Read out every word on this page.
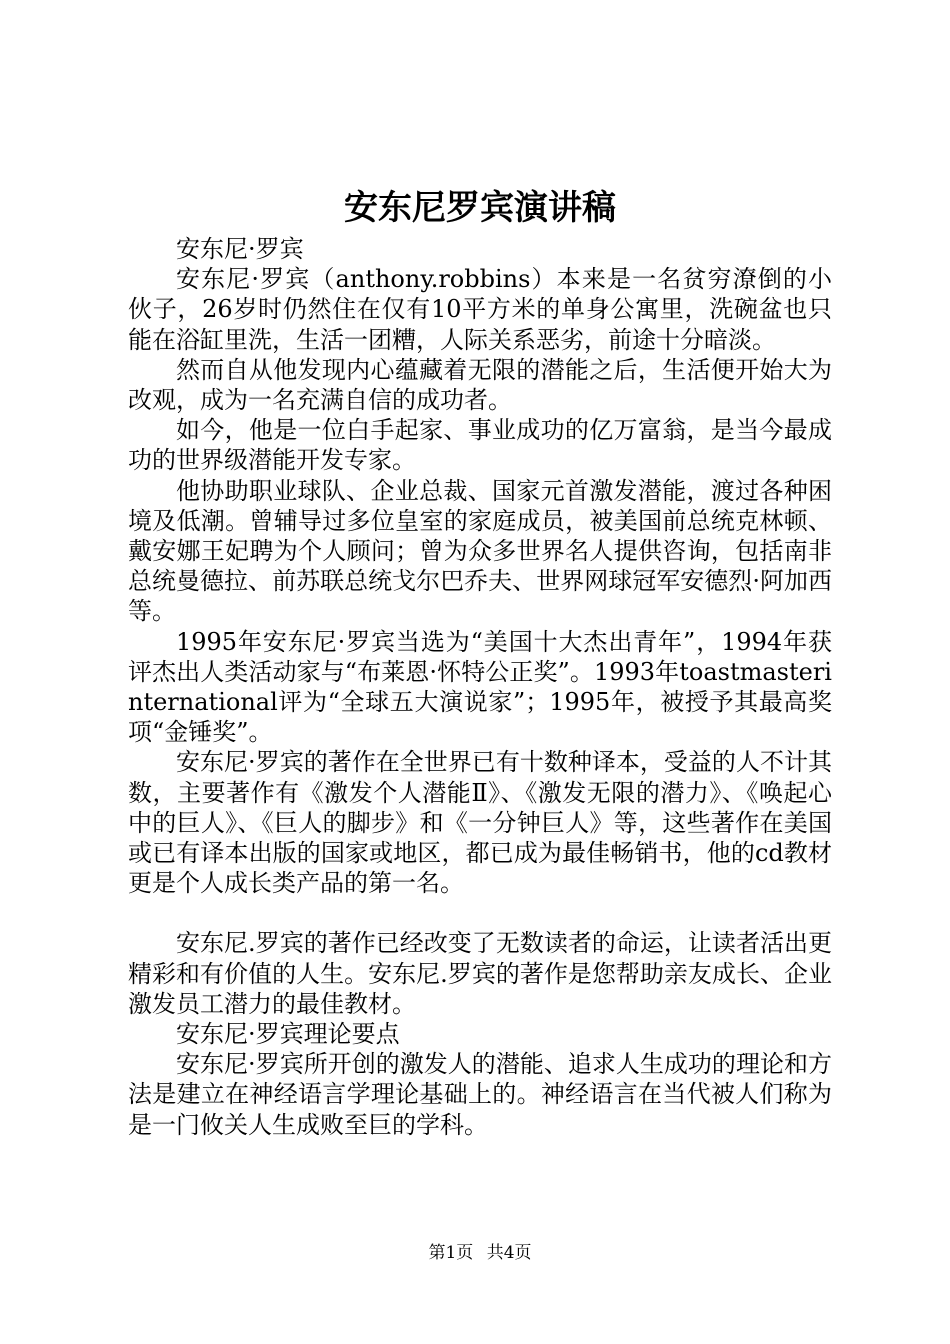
安东尼罗宾演讲稿

安东尼·罗宾

安东尼·罗宾（anthony.robbins）本来是一名贫穷潦倒的小伙子，26岁时仍然住在仅有10平方米的单身公寓里，洗碗盆也只能在浴缸里洗，生活一团糟，人际关系恶劣，前途十分暗淡。

然而自从他发现内心蕴藏着无限的潜能之后，生活便开始大为改观，成为一名充满自信的成功者。

如今，他是一位白手起家、事业成功的亿万富翁，是当今最成功的世界级潜能开发专家。

他协助职业球队、企业总裁、国家元首激发潜能，渡过各种困境及低潮。曾辅导过多位皇室的家庭成员，被美国前总统克林顿、戴安娜王妃聘为个人顾问；曾为众多世界名人提供咨询，包括南非总统曼德拉、前苏联总统戈尔巴乔夫、世界网球冠军安德烈·阿加西等。

1995年安东尼·罗宾当选为“美国十大杰出青年”，1994年获评杰出人类活动家与“布莱恩·怀特公正奖”。1993年toastmasterinternational评为“全球五大演说家”；1995年，被授予其最高奖项“金锤奖”。

安东尼·罗宾的著作在全世界已有十数种译本，受益的人不计其数，主要著作有《激发个人潜能Ⅱ》、《激发无限的潜力》、《唤起心中的巨人》、《巨人的脚步》和《一分钟巨人》等，这些著作在美国或已有译本出版的国家或地区，都已成为最佳畅销书，他的cd教材更是个人成长类产品的第一名。

安东尼.罗宾的著作已经改变了无数读者的命运，让读者活出更精彩和有价值的人生。安东尼.罗宾的著作是您帮助亲友成长、企业激发员工潜力的最佳教材。

安东尼·罗宾理论要点

安东尼·罗宾所开创的激发人的潜能、追求人生成功的理论和方法是建立在神经语言学理论基础上的。神经语言在当代被人们称为是一门攸关人生成败至巨的学科。

第1页 共4页
